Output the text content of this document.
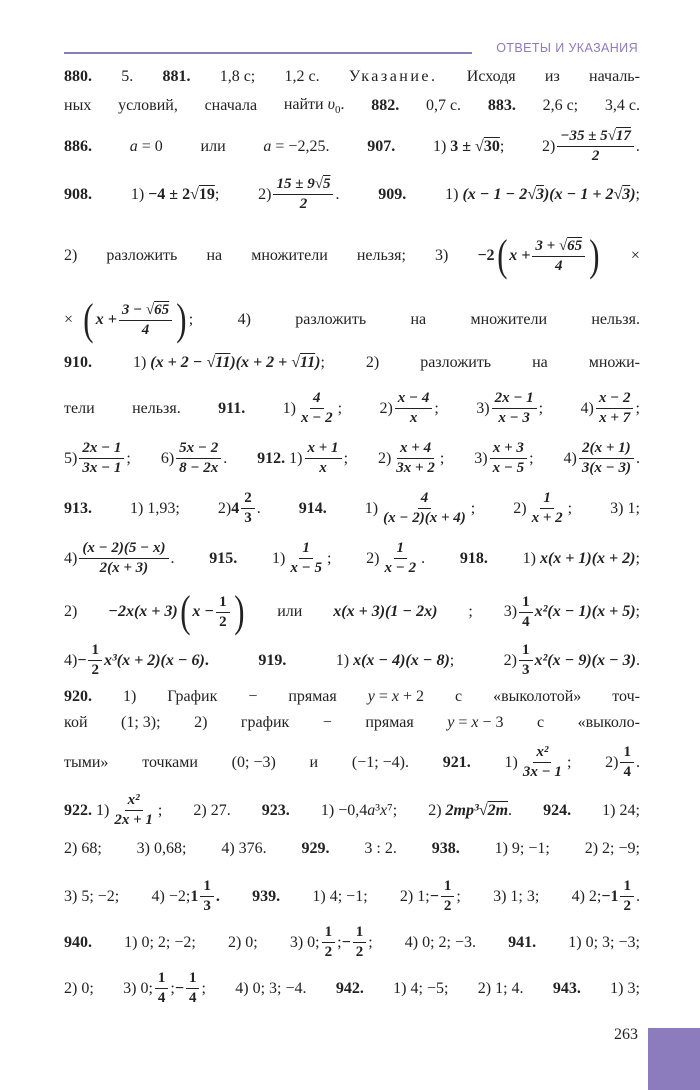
ОТВЕТЫ И УКАЗАНИЯ
880. 5. 881. 1,8 с; 1,2 с. Указание. Исходя из началь-
ных условий, сначала найти $\upsilon_0$. 882. 0,7 с. 883. 2,6 с; 3,4 с.
886. a = 0 или a = −2,25. 907. 1) 3 ± √30; $2) \frac{-35 \pm 5√17}{2}$ .
908. 1) −4 ± 2√19; $2) \frac{15 \pm 9√5}{2}$ . 909. 1) (x − 1 − 2√3)(x − 1 + 2√3);
2) разложить на множители нельзя; 3) −2 ( $x + \frac{3 + √65}{4}$ ) ×
× ( $x + \frac{3 - √65}{4}$ ) ;	4)	разложить	на	множители	нельзя.
910.	1) (x + 2 − √11)(x + 2 + √11);	2)	разложить	на	множи-
тели нельзя. 911. $1) \frac{4}{x - 2}$ ; $2) \frac{x - 4}{x}$ ; $3) \frac{2x - 1}{x - 3}$ ; $4) \frac{x - 2}{x + 7}$ ;
$5) \frac{2x - 1}{3x - 1}$ ; $6) \frac{5x - 2}{8 - 2x}$ . 912. $1) \frac{x + 1}{x}$ ; $2) \frac{x + 4}{3x + 2}$ ; $3) \frac{x + 3}{x - 5}$ ; $4) \frac{2(x + 1)}{3(x - 3)}$ .
913. 1) 1,93; 2) $4 \frac{2}{3}$ . 914. $1) \frac{4}{(x - 2)(x + 4)}$ ; $2) \frac{1}{x + 2}$ ; 3) 1;
$4) \frac{(x - 2)(5 - x)}{2(x + 3)}$ . 915. $1) \frac{1}{x - 5}$ ; $2) \frac{1}{x - 2}$ . 918. 1) x(x + 1)(x + 2);
2) −2x(x + 3) ( $x - \frac{1}{2}$ ) или x(x + 3)(1 − 2x) ; $3) \frac{1}{4} x^2(x - 1)(x + 5)$ ;
$4) - \frac{1}{2} x^3(x + 2)(x - 6)$ .	919.	1) x(x − 4)(x − 8);	$2) \frac{1}{3} x^2(x - 9)(x - 3)$ .
920. 1) График − прямая y = x + 2 с «выколотой» точ-
кой (1; 3); 2) график − прямая y = x − 3 с «выколо-
тыми» точками (0; −3) и (−1; −4). 921. $1) \frac{\text{x²}}{3x - 1}$ ; $2) \frac{1}{4}$ .
922. $1) \frac{\text{x²}}{2x + 1}$ ; 2) 27. 923. 1) −0,4a³x⁷; 2) 2mp³√2m. 924. 1) 24;
2) 68; 3) 0,68; 4) 376. 929. 3 : 2. 938. 1) 9; −1; 2) 2; −9;
3) 5; −2; 4) −2; $1 \frac{1}{3}$ . 939. 1) 4; −1; 2) 1; − $\frac{1}{2}$ ; 3) 1; 3; 4) 2; $-1 \frac{1}{2}$ .
940. 1) 0; 2; −2; 2) 0; 3) 0; $\frac{1}{2}$ ; − $\frac{1}{2}$ ; 4) 0; 2; −3. 941. 1) 0; 3; −3;
2) 0; 3) 0; $\frac{1}{4}$ ; − $\frac{1}{4}$ ; 4) 0; 3; −4. 942. 1) 4; −5; 2) 1; 4. 943. 1) 3;
263
